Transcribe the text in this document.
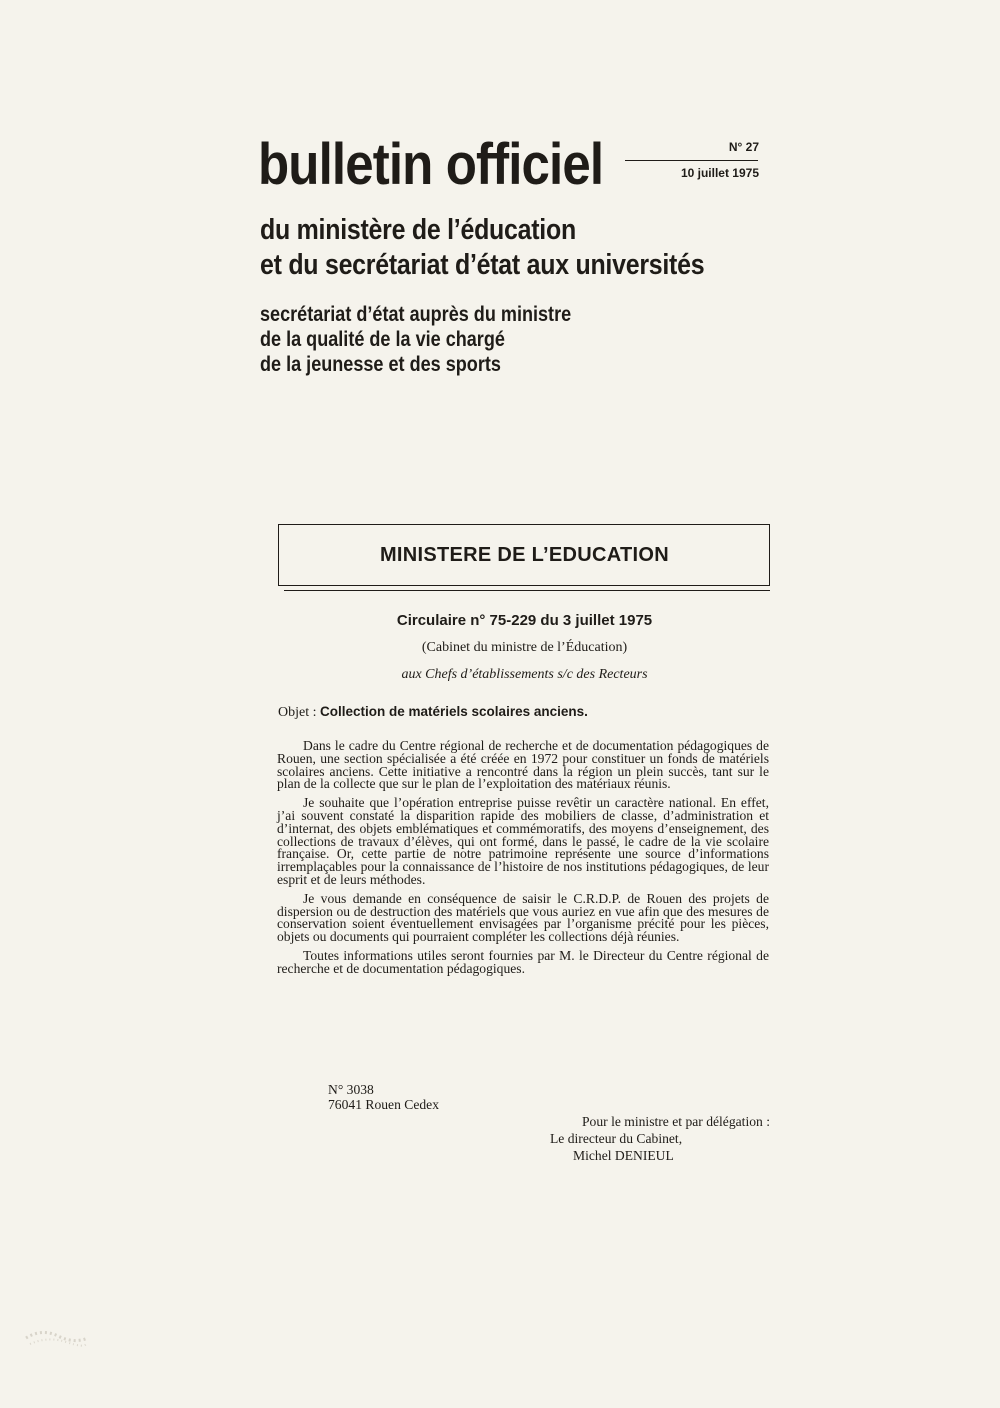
bulletin officiel	N° 27
10 juillet 1975
du ministère de l’éducation
et du secrétariat d’état aux universités
secrétariat d’état auprès du ministre
de la qualité de la vie chargé
de la jeunesse et des sports
MINISTERE DE L’EDUCATION
Circulaire n° 75-229 du 3 juillet 1975
(Cabinet du ministre de l’Éducation)
aux Chefs d’établissements s/c des Recteurs
Objet : Collection de matériels scolaires anciens.

Dans le cadre du Centre régional de recherche et de documentation pédagogiques de Rouen, une section spécialisée a été créée en 1972 pour constituer un fonds de matériels scolaires anciens. Cette initiative a rencontré dans la région un plein succès, tant sur le plan de la collecte que sur le plan de l’exploitation des matériaux réunis.

Je souhaite que l’opération entreprise puisse revêtir un caractère national. En effet, j’ai souvent constaté la disparition rapide des mobiliers de classe, d’administration et d’internat, des objets emblématiques et commémoratifs, des moyens d’enseignement, des collections de travaux d’élèves, qui ont formé, dans le passé, le cadre de la vie scolaire française. Or, cette partie de notre patrimoine représente une source d’informations irremplaçables pour la connaissance de l’histoire de nos institutions pédagogiques, de leur esprit et de leurs méthodes.

Je vous demande en conséquence de saisir le C.R.D.P. de Rouen des projets de dispersion ou de destruction des matériels que vous auriez en vue afin que des mesures de conservation soient éventuellement envisagées par l’organisme précité pour les pièces, objets ou documents qui pourraient compléter les collections déjà réunies.

Toutes informations utiles seront fournies par M. le Directeur du Centre régional de recherche et de documentation pédagogiques.

N° 3038
76041 Rouen Cedex
Pour le ministre et par délégation :
Le directeur du Cabinet,
Michel DENIEUL
